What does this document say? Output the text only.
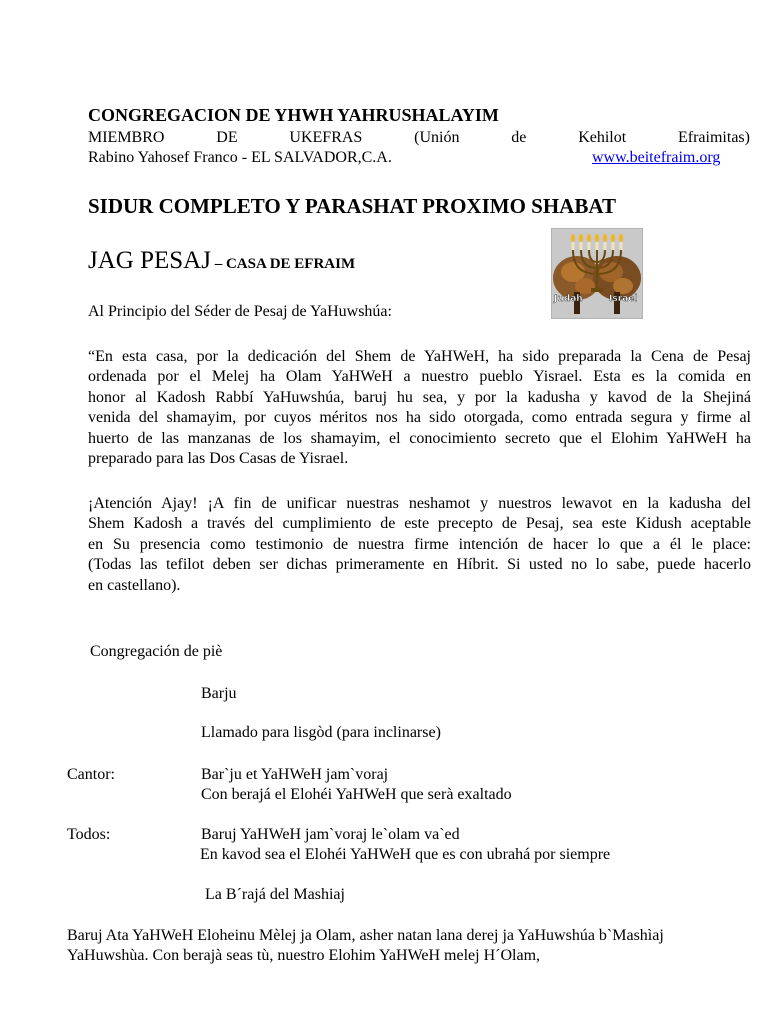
CONGREGACION DE YHWH YAHRUSHALAYIM
MIEMBRO	DE	UKEFRAS	(Unión	de	Kehilot	Efraimitas)
Rabino Yahosef Franco - EL SALVADOR,C.A.	www.beitefraim.org
SIDUR COMPLETO Y PARASHAT PROXIMO SHABAT
JAG PESAJ – CASA DE EFRAIM
Judah	Israel
Al Principio del Séder de Pesaj de YaHuwshúa:
“En esta casa, por la dedicación del Shem de YaHWeH, ha sido preparada la Cena de Pesaj
ordenada por el Melej ha Olam YaHWeH a nuestro pueblo Yisrael. Esta es la comida en
honor al Kadosh Rabbí YaHuwshúa, baruj hu sea, y por la kadusha y kavod de la Shejiná
venida del shamayim, por cuyos méritos nos ha sido otorgada, como entrada segura y firme al
huerto de las manzanas de los shamayim, el conocimiento secreto que el Elohim YaHWeH ha
preparado para las Dos Casas de Yisrael.
¡Atención Ajay! ¡A fin de unificar nuestras neshamot y nuestros lewavot en la kadusha del
Shem Kadosh a través del cumplimiento de este precepto de Pesaj, sea este Kidush aceptable
en Su presencia como testimonio de nuestra firme intención de hacer lo que a él le place:
(Todas las tefilot deben ser dichas primeramente en Híbrit. Si usted no lo sabe, puede hacerlo
en castellano).
Congregación de piè
Barju
Llamado para lisgòd (para inclinarse)
Cantor:	Bar`ju et YaHWeH jam`voraj
Con berajá el Elohéi YaHWeH que serà exaltado
Todos:	Baruj YaHWeH jam`voraj le`olam va`ed
En kavod sea el Elohéi YaHWeH que es con ubrahá por siempre
La B´rajá del Mashiaj
Baruj Ata YaHWeH Eloheinu Mèlej ja Olam, asher natan lana derej ja YaHuwshúa b`Mashìaj
YaHuwshùa. Con berajà seas tù, nuestro Elohim YaHWeH melej H´Olam,
